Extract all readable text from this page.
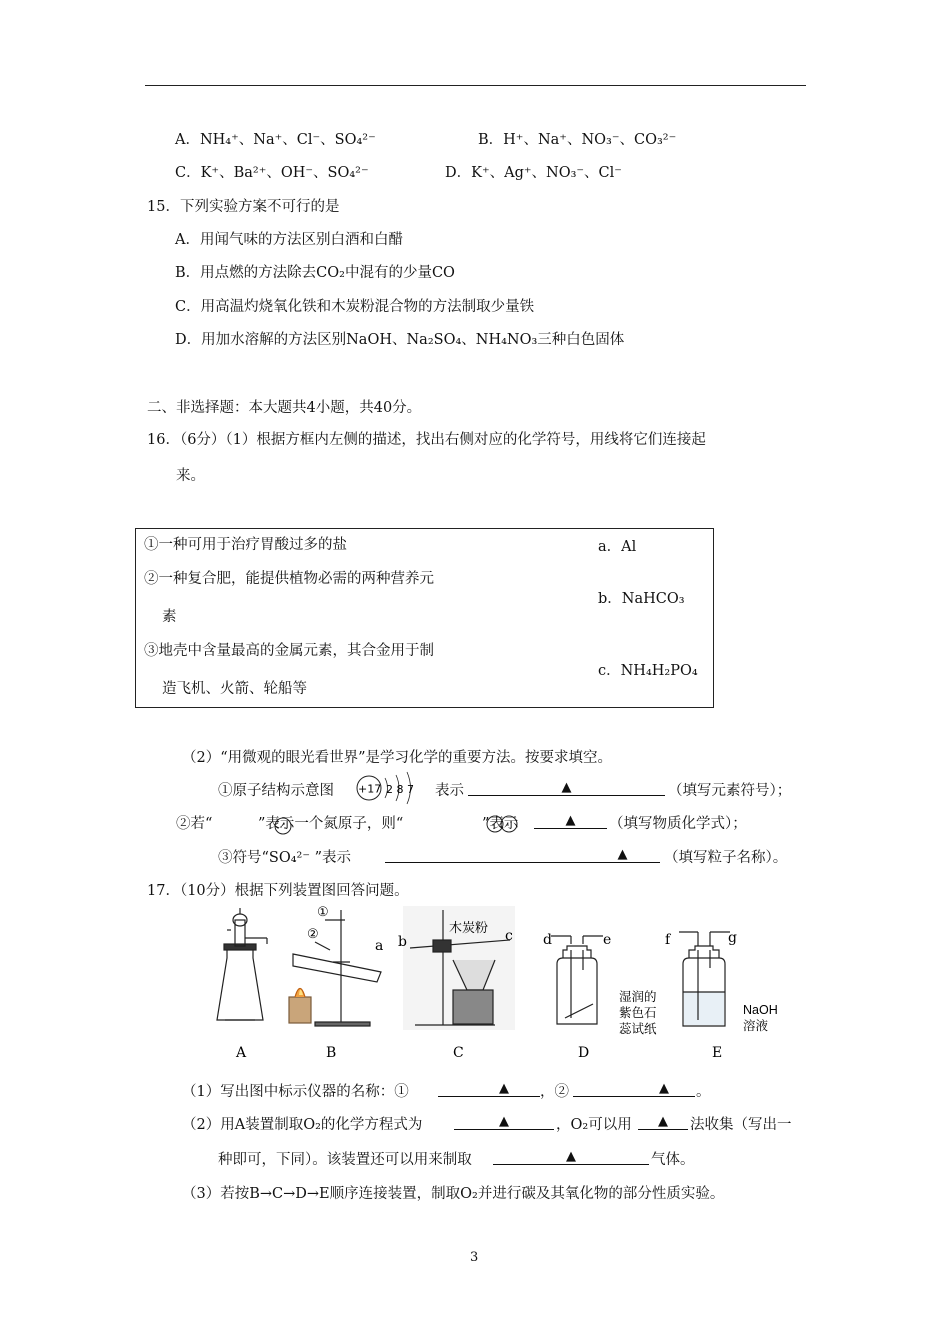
A．NH₄⁺、Na⁺、Cl⁻、SO₄²⁻	B．H⁺、Na⁺、NO₃⁻、CO₃²⁻
C．K⁺、Ba²⁺、OH⁻、SO₄²⁻	D．K⁺、Ag⁺、NO₃⁻、Cl⁻
15．下列实验方案不可行的是
A．用闻气味的方法区别白酒和白醋
B．用点燃的方法除去CO₂中混有的少量CO
C．用高温灼烧氧化铁和木炭粉混合物的方法制取少量铁
D．用加水溶解的方法区别NaOH、Na₂SO₄、NH₄NO₃三种白色固体
二、非选择题：本大题共4小题，共40分。
16．（6分）（1）根据方框内左侧的描述，找出右侧对应的化学符号，用线将它们连接起
来。
①一种可用于治疗胃酸过多的盐
②一种复合肥，能提供植物必需的两种营养元
素
③地壳中含量最高的金属元素，其合金用于制
造飞机、火箭、轮船等
a．Al
b．NaHCO₃
c．NH₄H₂PO₄
（2）“用微观的眼光看世界”是学习化学的重要方法。按要求填空。
①原子结构示意图 +17 2 8 7 表示	▲	（填写元素符号）；
②若“	”表示一个氮原子，则“	”表示	▲	（填写物质化学式）；
③符号“SO₄²⁻ ”表示	▲	（填写粒子名称）。
17．（10分）根据下列装置图回答问题。
①
②
a b
木炭粉 c d	e	f	g
湿润的
紫色石
蕊试纸
NaOH
溶液
A	B	C	D	E
（1）写出图中标示仪器的名称：①	▲	，②	▲	。
（2）用A装置制取O₂的化学方程式为	▲	，O₂可以用	▲	法收集（写出一
种即可，下同）。该装置还可以用来制取	▲	气体。
（3）若按B→C→D→E顺序连接装置，制取O₂并进行碳及其氧化物的部分性质实验。
3
